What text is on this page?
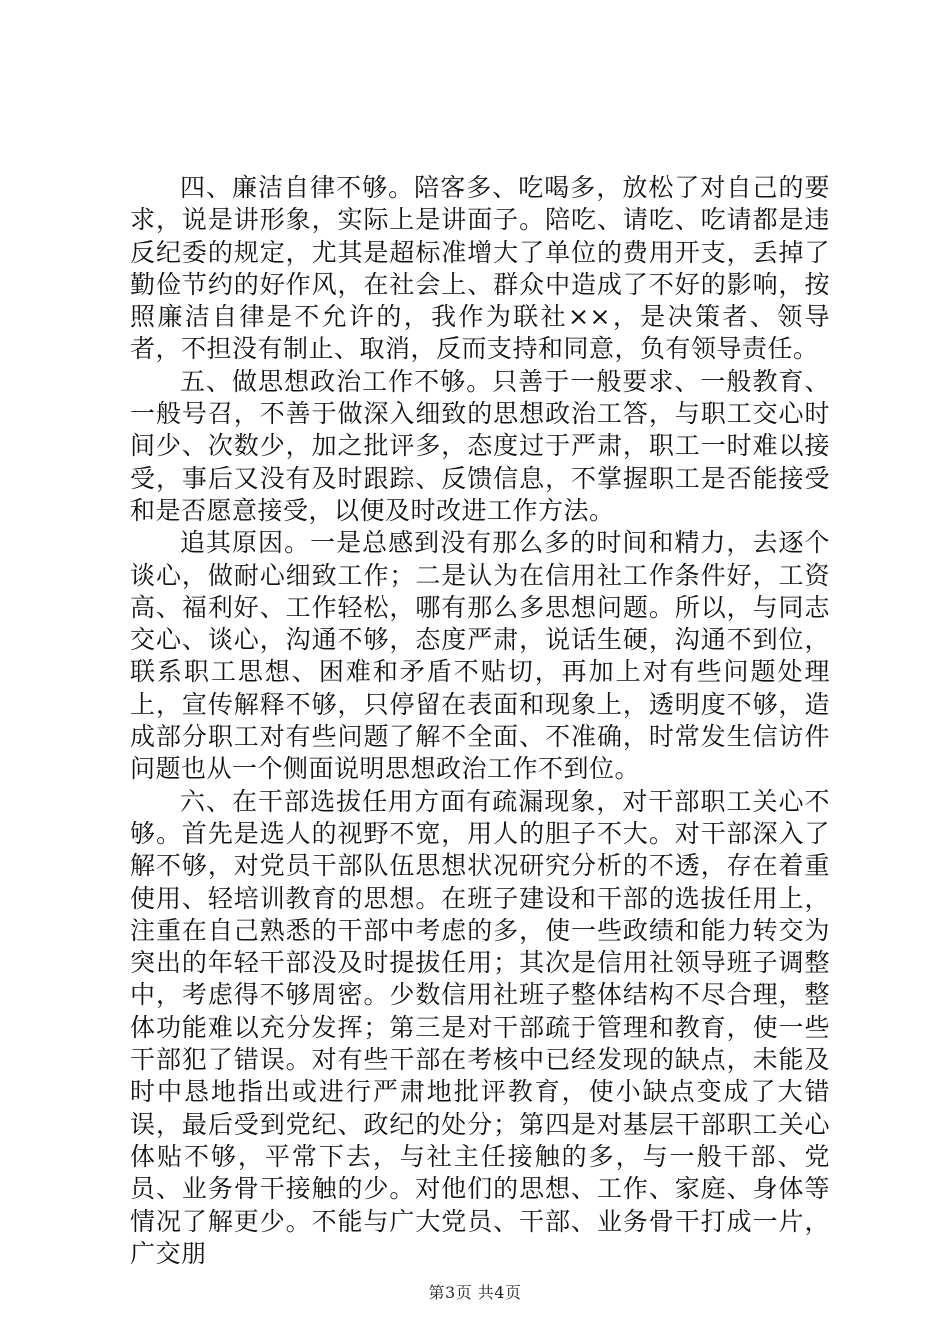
四、廉洁自律不够。陪客多、吃喝多，放松了对自己的要求，说是讲形象，实际上是讲面子。陪吃、请吃、吃请都是违反纪委的规定，尤其是超标准增大了单位的费用开支，丢掉了勤俭节约的好作风，在社会上、群众中造成了不好的影响，按照廉洁自律是不允许的，我作为联社××，是决策者、领导者，不担没有制止、取消，反而支持和同意，负有领导责任。

五、做思想政治工作不够。只善于一般要求、一般教育、一般号召，不善于做深入细致的思想政治工答，与职工交心时间少、次数少，加之批评多，态度过于严肃，职工一时难以接受，事后又没有及时跟踪、反馈信息，不掌握职工是否能接受和是否愿意接受，以便及时改进工作方法。

追其原因。一是总感到没有那么多的时间和精力，去逐个谈心，做耐心细致工作；二是认为在信用社工作条件好，工资高、福利好、工作轻松，哪有那么多思想问题。所以，与同志交心、谈心，沟通不够，态度严肃，说话生硬，沟通不到位，联系职工思想、困难和矛盾不贴切，再加上对有些问题处理上，宣传解释不够，只停留在表面和现象上，透明度不够，造成部分职工对有些问题了解不全面、不准确，时常发生信访件问题也从一个侧面说明思想政治工作不到位。

六、在干部选拔任用方面有疏漏现象，对干部职工关心不够。首先是选人的视野不宽，用人的胆子不大。对干部深入了解不够，对党员干部队伍思想状况研究分析的不透，存在着重使用、轻培训教育的思想。在班子建设和干部的选拔任用上，注重在自己熟悉的干部中考虑的多，使一些政绩和能力转交为突出的年轻干部没及时提拔任用；其次是信用社领导班子调整中，考虑得不够周密。少数信用社班子整体结构不尽合理，整体功能难以充分发挥；第三是对干部疏于管理和教育，使一些干部犯了错误。对有些干部在考核中已经发现的缺点，未能及时中恳地指出或进行严肃地批评教育，使小缺点变成了大错误，最后受到党纪、政纪的处分；第四是对基层干部职工关心体贴不够，平常下去，与社主任接触的多，与一般干部、党员、业务骨干接触的少。对他们的思想、工作、家庭、身体等情况了解更少。不能与广大党员、干部、业务骨干打成一片，广交朋

第3页 共4页
